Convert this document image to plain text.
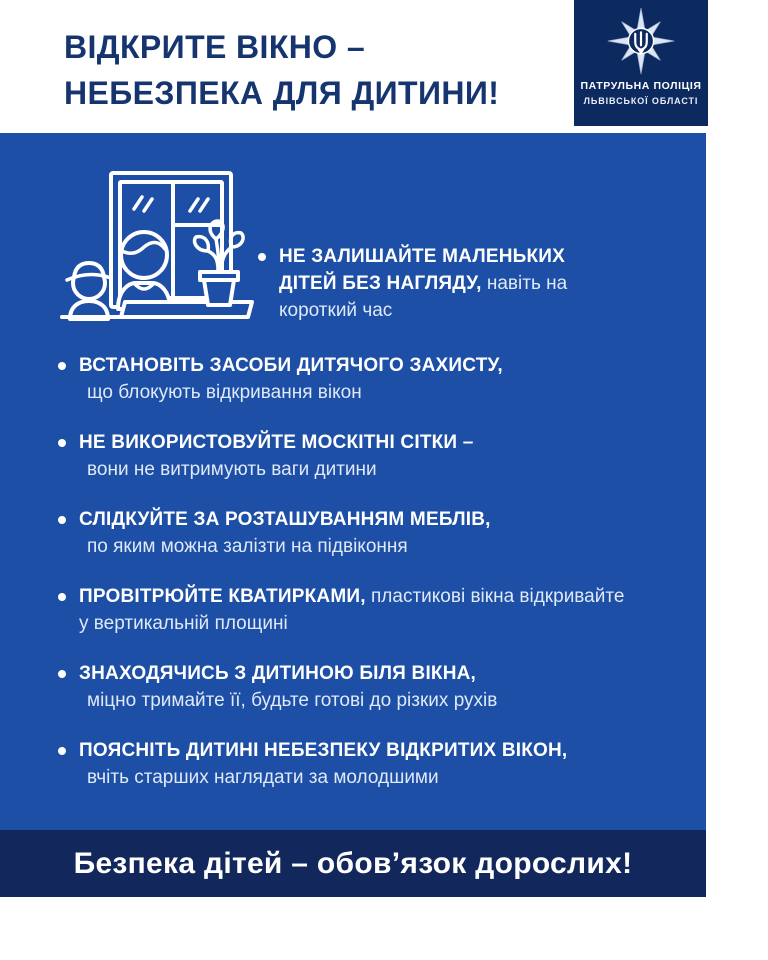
ВІДКРИТЕ ВІКНО –
НЕБЕЗПЕКА ДЛЯ ДИТИНИ!	ПАТРУЛЬНА ПОЛІЦІЯ
ЛЬВІВСЬКОЇ ОБЛАСТІ
НЕ ЗАЛИШАЙТЕ МАЛЕНЬКИХ ДІТЕЙ БЕЗ НАГЛЯДУ, навіть на короткий час
ВСТАНОВІТЬ ЗАСОБИ ДИТЯЧОГО ЗАХИСТУ,
що блокують відкривання вікон
НЕ ВИКОРИСТОВУЙТЕ МОСКІТНІ СІТКИ –
вони не витримують ваги дитини
СЛІДКУЙТЕ ЗА РОЗТАШУВАННЯМ МЕБЛІВ,
по яким можна залізти на підвіконня
ПРОВІТРЮЙТЕ КВАТИРКАМИ, пластикові вікна відкривайте у вертикальній площині
ЗНАХОДЯЧИСЬ З ДИТИНОЮ БІЛЯ ВІКНА,
міцно тримайте її, будьте готові до різких рухів
ПОЯСНІТЬ ДИТИНІ НЕБЕЗПЕКУ ВІДКРИТИХ ВІКОН,
вчіть старших наглядати за молодшими
Безпека дітей – обов’язок дорослих!
